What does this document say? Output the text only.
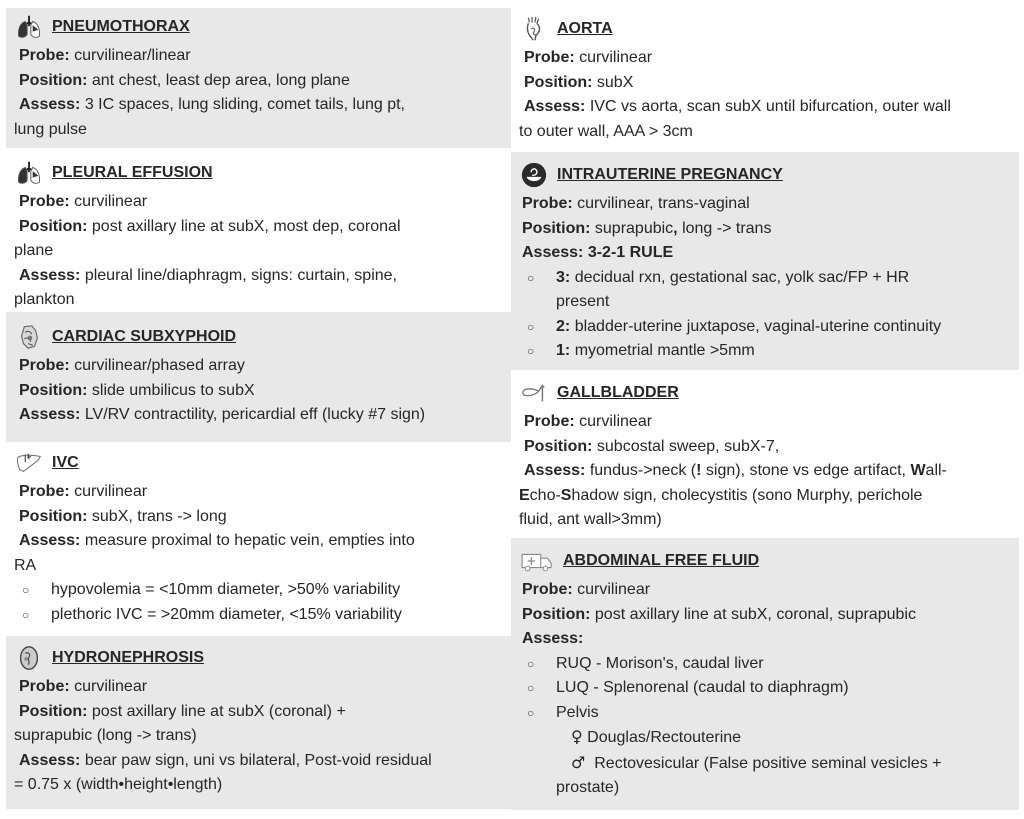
PNEUMOTHORAX
Probe: curvilinear/linear
Position: ant chest, least dep area, long plane
Assess: 3 IC spaces, lung sliding, comet tails, lung pt,
lung pulse
PLEURAL EFFUSION
Probe: curvilinear
Position: post axillary line at subX, most dep, coronal
plane
Assess: pleural line/diaphragm, signs: curtain, spine,
plankton
CARDIAC SUBXYPHOID
Probe: curvilinear/phased array
Position: slide umbilicus to subX
Assess: LV/RV contractility, pericardial eff (lucky #7 sign)
IVC
Probe: curvilinear
Position: subX, trans -> long
Assess: measure proximal to hepatic vein, empties into
RA
○ hypovolemia = <10mm diameter, >50% variability
○ plethoric IVC = >20mm diameter, <15% variability
HYDRONEPHROSIS
Probe: curvilinear
Position: post axillary line at subX (coronal) +
suprapubic (long -> trans)
Assess: bear paw sign, uni vs bilateral, Post-void residual
= 0.75 x (width•height•length)
AORTA
Probe: curvilinear
Position: subX
Assess: IVC vs aorta, scan subX until bifurcation, outer wall
to outer wall, AAA > 3cm
INTRAUTERINE PREGNANCY
Probe: curvilinear, trans-vaginal
Position: suprapubic, long -> trans
Assess: 3-2-1 RULE
○ 3: decidual rxn, gestational sac, yolk sac/FP + HR
present
○ 2: bladder-uterine juxtapose, vaginal-uterine continuity
○ 1: myometrial mantle >5mm
GALLBLADDER
Probe: curvilinear
Position: subcostal sweep, subX-7,
Assess: fundus->neck (! sign), stone vs edge artifact, Wall-
Echo-Shadow sign, cholecystitis (sono Murphy, perichole
fluid, ant wall>3mm)
ABDOMINAL FREE FLUID
Probe: curvilinear
Position: post axillary line at subX, coronal, suprapubic
Assess:
○ RUQ - Morison's, caudal liver
○ LUQ - Splenorenal (caudal to diaphragm)
○ Pelvis
♀ Douglas/Rectouterine
♂ Rectovesicular (False positive seminal vesicles +
prostate)
